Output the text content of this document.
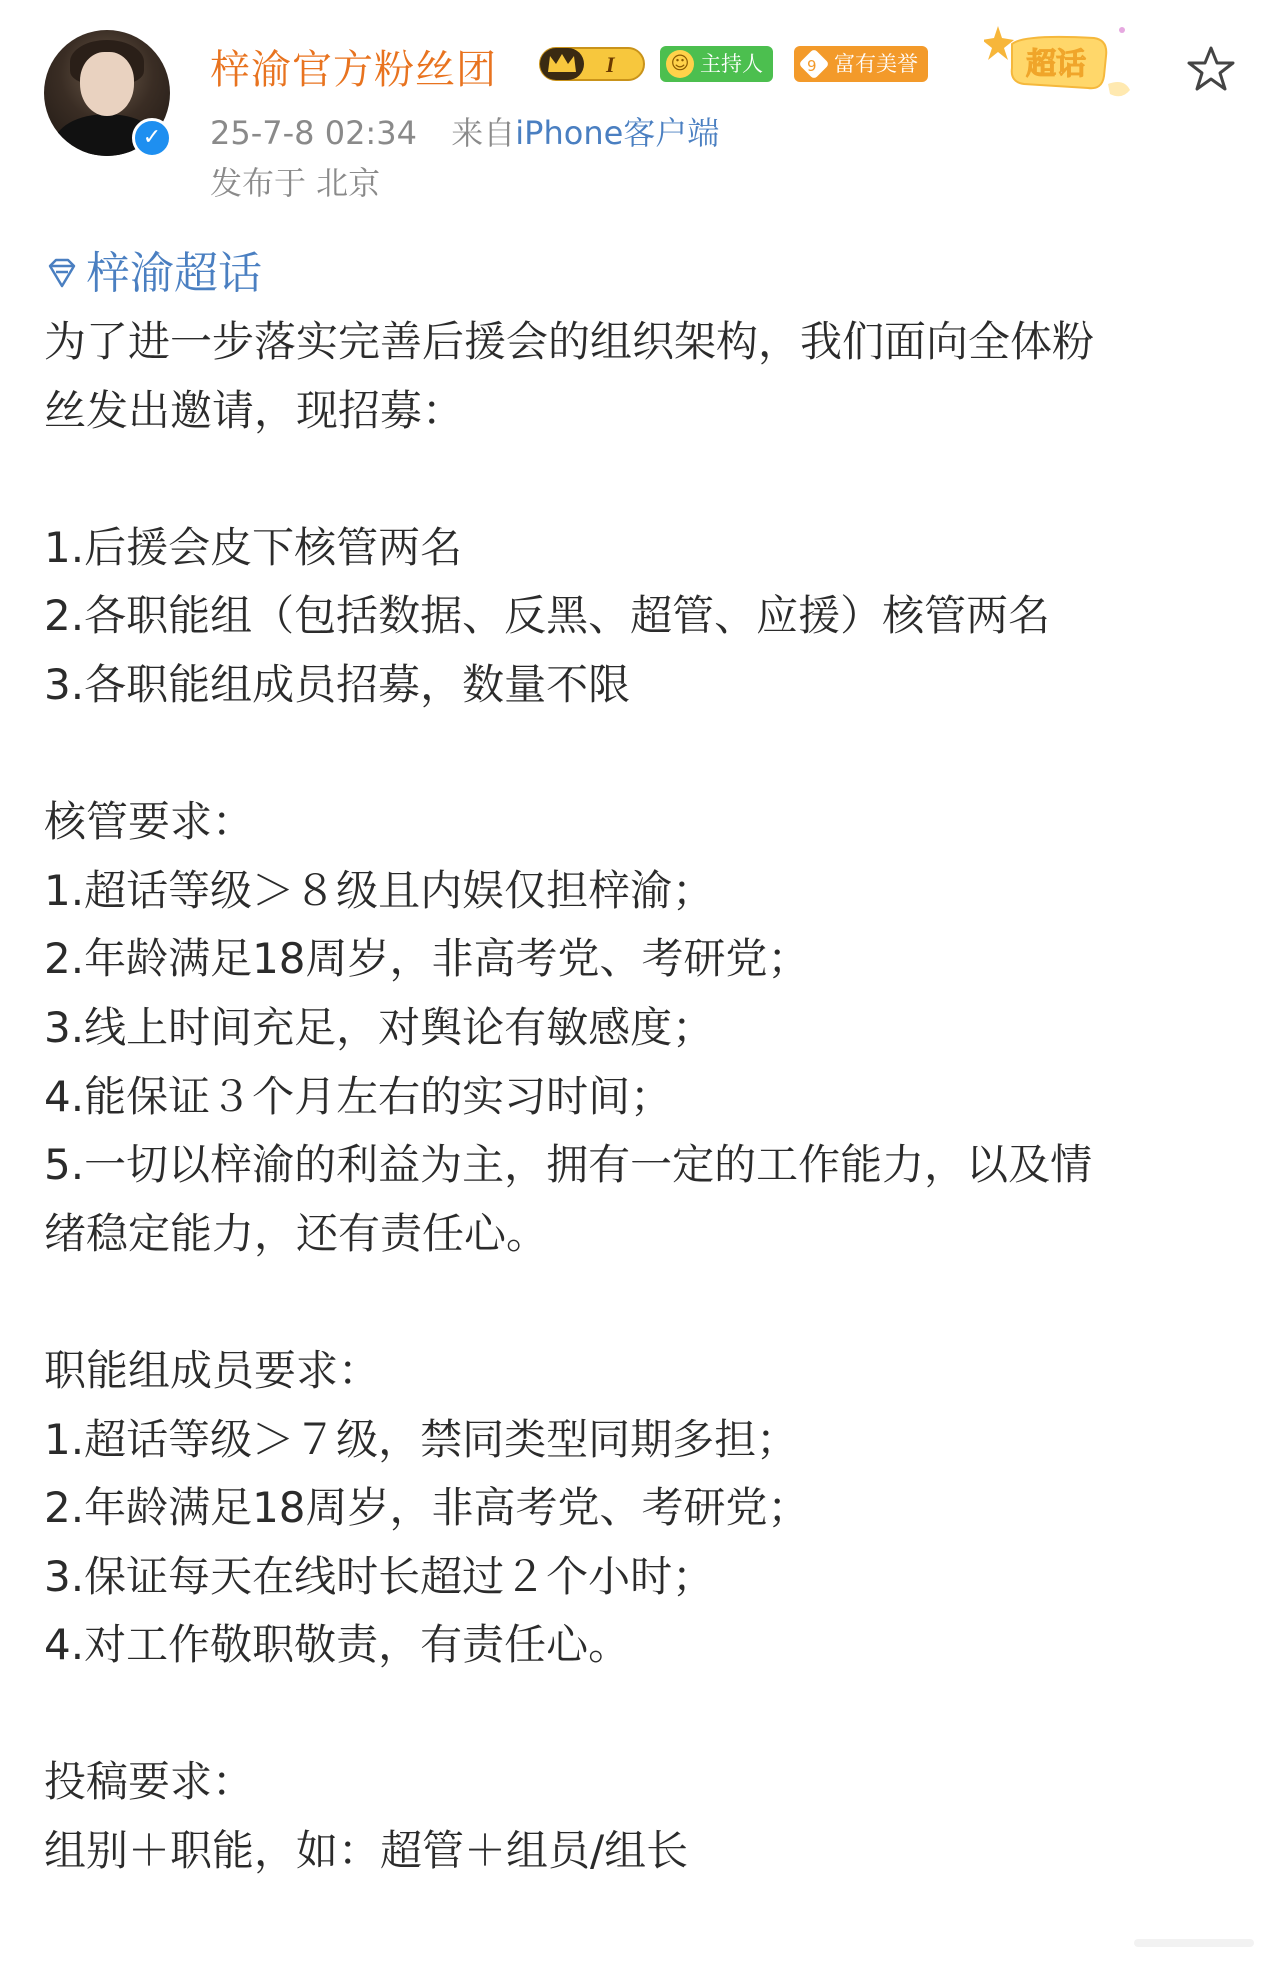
✓
梓渝官方粉丝团	I	☺ 主持人	9 富有美誉	超话
25-7-8 02:34 来自iPhone客户端
发布于 北京
梓渝超话
为了进一步落实完善后援会的组织架构，我们面向全体粉
丝发出邀请，现招募：
1.后援会皮下核管两名
2.各职能组（包括数据、反黑、超管、应援）核管两名
3.各职能组成员招募，数量不限
核管要求：
1.超话等级＞８级且内娱仅担梓渝；
2.年龄满足18周岁，非高考党、考研党；
3.线上时间充足，对舆论有敏感度；
4.能保证３个月左右的实习时间；
5.一切以梓渝的利益为主，拥有一定的工作能力，以及情
绪稳定能力，还有责任心。
职能组成员要求：
1.超话等级＞７级，禁同类型同期多担；
2.年龄满足18周岁，非高考党、考研党；
3.保证每天在线时长超过２个小时；
4.对工作敬职敬责，有责任心。
投稿要求：
组别＋职能，如：超管＋组员/组长
